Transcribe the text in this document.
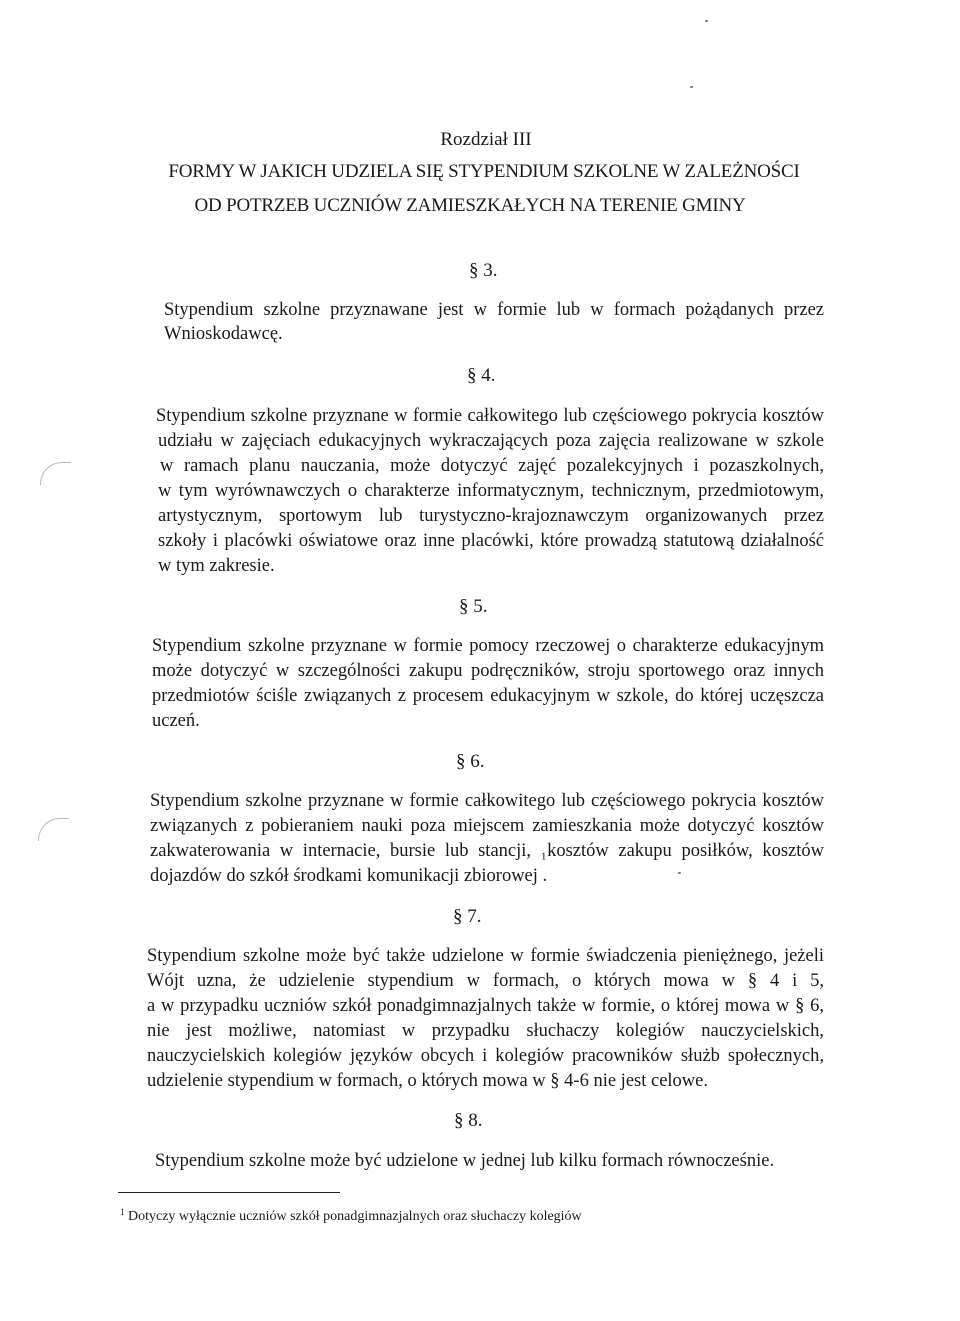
Rozdział III
FORMY W JAKICH UDZIELA SIĘ STYPENDIUM SZKOLNE W ZALEŻNOŚCI
OD POTRZEB UCZNIÓW ZAMIESZKAŁYCH NA TERENIE GMINY
§ 3.
Stypendium szkolne przyznawane jest w formie lub w formach pożądanych przez
Wnioskodawcę.
§ 4.
Stypendium szkolne przyznane w formie całkowitego lub częściowego pokrycia kosztów
udziału w zajęciach edukacyjnych wykraczających poza zajęcia realizowane w szkole
w ramach planu nauczania, może dotyczyć zajęć pozalekcyjnych i pozaszkolnych,
w tym wyrównawczych o charakterze informatycznym, technicznym, przedmiotowym,
artystycznym, sportowym lub turystyczno-krajoznawczym organizowanych przez
szkoły i placówki oświatowe oraz inne placówki, które prowadzą statutową działalność
w tym zakresie.
§ 5.
Stypendium szkolne przyznane w formie pomocy rzeczowej o charakterze edukacyjnym
może dotyczyć w szczególności zakupu podręczników, stroju sportowego oraz innych
przedmiotów ściśle związanych z procesem edukacyjnym w szkole, do której uczęszcza
uczeń.
§ 6.
Stypendium szkolne przyznane w formie całkowitego lub częściowego pokrycia kosztów
związanych z pobieraniem nauki poza miejscem zamieszkania może dotyczyć kosztów
zakwaterowania w internacie, bursie lub stancji, ₁kosztów zakupu posiłków, kosztów
dojazdów do szkół środkami komunikacji zbiorowej .
§ 7.
Stypendium szkolne może być także udzielone w formie świadczenia pieniężnego, jeżeli
Wójt uzna, że udzielenie stypendium w formach, o których mowa w § 4 i 5,
a w przypadku uczniów szkół ponadgimnazjalnych także w formie, o której mowa w § 6,
nie jest możliwe, natomiast w przypadku słuchaczy kolegiów nauczycielskich,
nauczycielskich kolegiów języków obcych i kolegiów pracowników służb społecznych,
udzielenie stypendium w formach, o których mowa w § 4-6 nie jest celowe.
§ 8.
Stypendium szkolne może być udzielone w jednej lub kilku formach równocześnie.
$^1$ Dotyczy wyłącznie uczniów szkół ponadgimnazjalnych oraz słuchaczy kolegiów
